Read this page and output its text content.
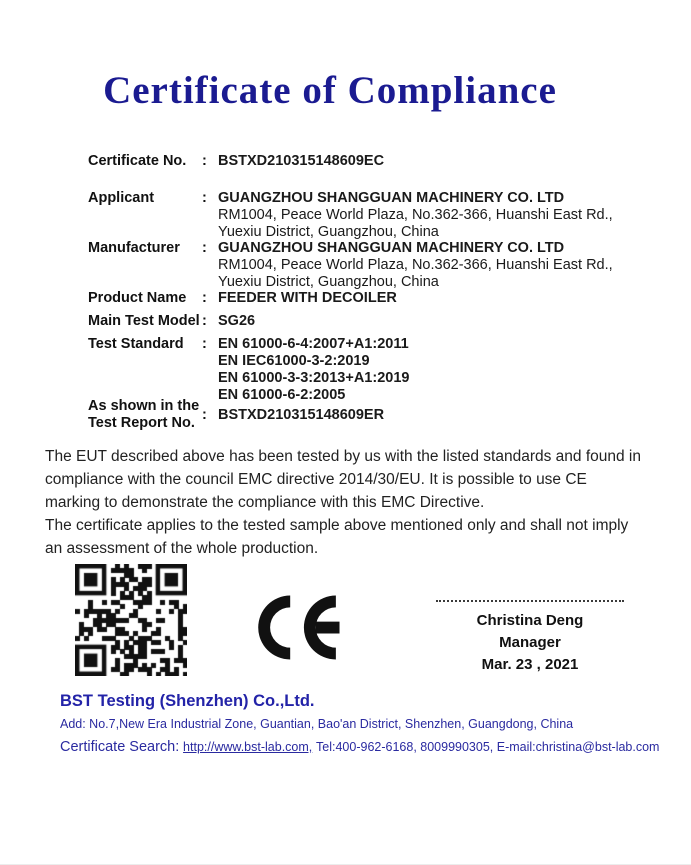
Certificate of Compliance
Certificate No.	: BSTXD210315148609EC
Applicant	: GUANGZHOU SHANGGUAN MACHINERY CO. LTD
RM1004, Peace World Plaza, No.362-366, Huanshi East Rd.,
Yuexiu District, Guangzhou, China
Manufacturer	: GUANGZHOU SHANGGUAN MACHINERY CO. LTD
RM1004, Peace World Plaza, No.362-366, Huanshi East Rd.,
Yuexiu District, Guangzhou, China
Product Name	: FEEDER WITH DECOILER
Main Test Model : SG26
Test Standard	: EN 61000-6-4:2007+A1:2011
EN IEC61000-3-2:2019
EN 61000-3-3:2013+A1:2019
EN 61000-6-2:2005
As shown in the
Test Report No.
: BSTXD210315148609ER

The EUT described above has been tested by us with the listed standards and found in compliance with the council EMC directive 2014/30/EU. It is possible to use CE marking to demonstrate the compliance with this EMC Directive.

The certificate applies to the tested sample above mentioned only and shall not imply an assessment of the whole production.

Christina Deng
Manager
Mar. 23 , 2021
BST Testing (Shenzhen) Co.,Ltd.
Add: No.7,New Era Industrial Zone, Guantian, Bao'an District, Shenzhen, Guangdong, China
Certificate Search: http://www.bst-lab.com, Tel:400-962-6168, 8009990305, E-mail:christina@bst-lab.com
